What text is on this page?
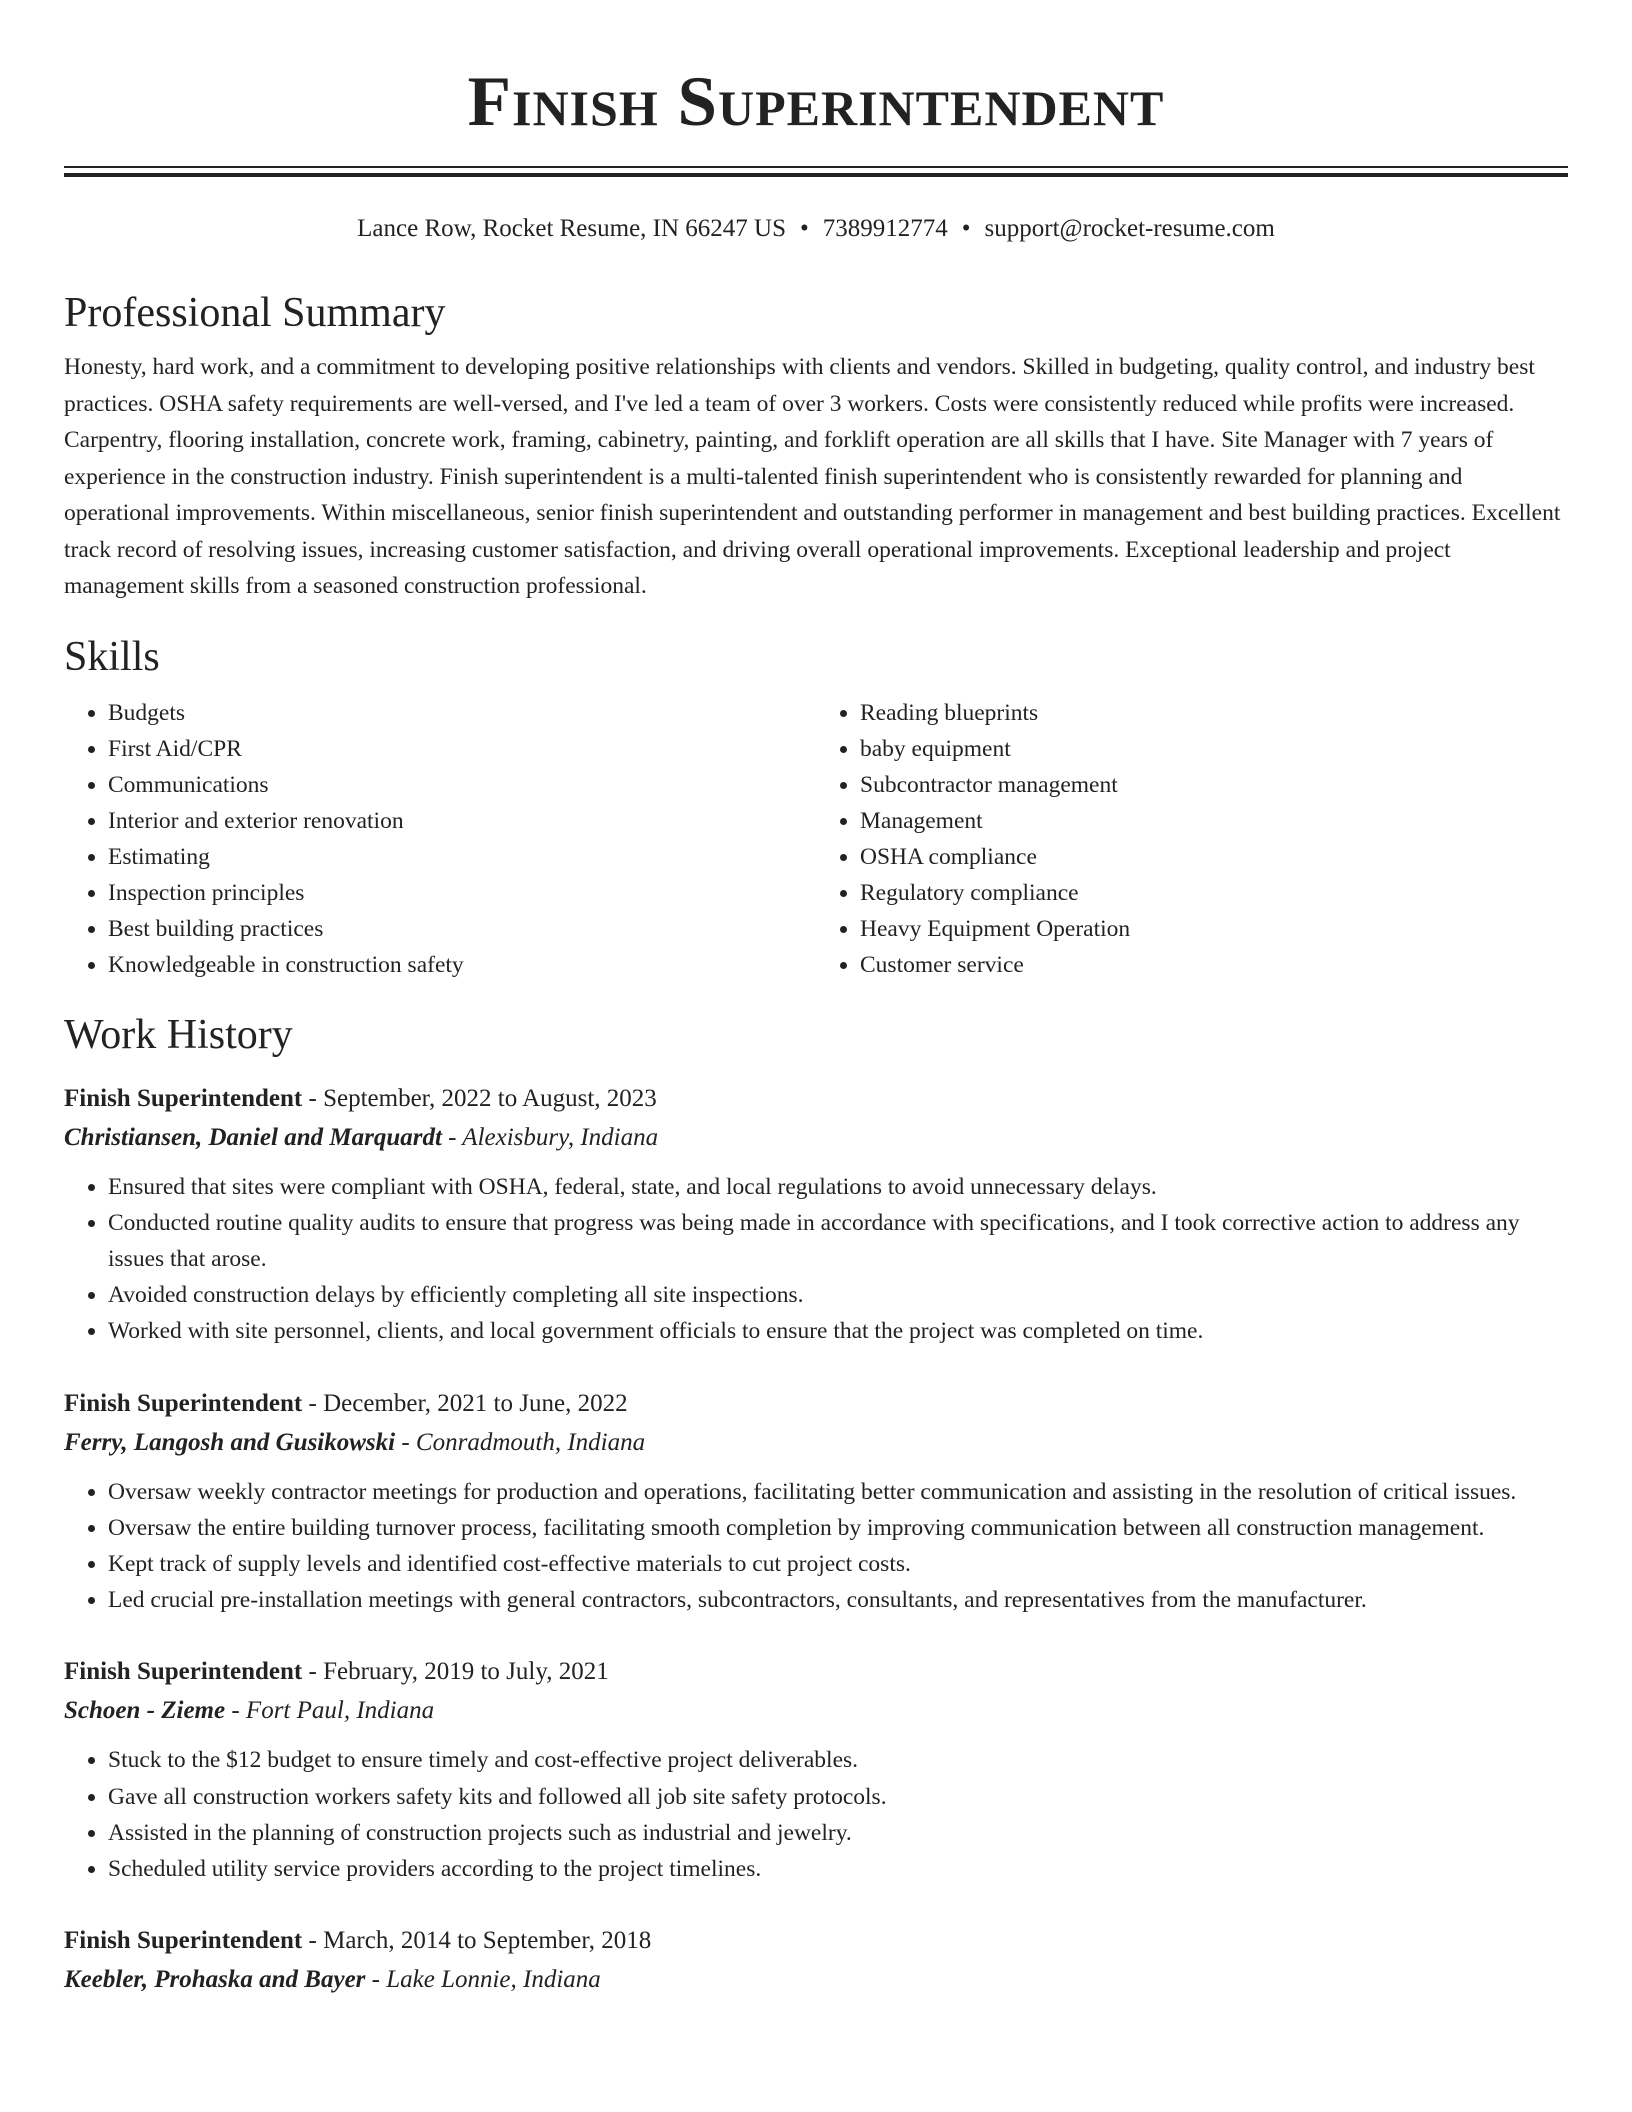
Finish Superintendent
Lance Row, Rocket Resume, IN 66247 US • 7389912774 • support@rocket-resume.com
Professional Summary

Honesty, hard work, and a commitment to developing positive relationships with clients and vendors. Skilled in budgeting, quality control, and industry best practices. OSHA safety requirements are well-versed, and I've led a team of over 3 workers. Costs were consistently reduced while profits were increased. Carpentry, flooring installation, concrete work, framing, cabinetry, painting, and forklift operation are all skills that I have. Site Manager with 7 years of experience in the construction industry. Finish superintendent is a multi-talented finish superintendent who is consistently rewarded for planning and operational improvements. Within miscellaneous, senior finish superintendent and outstanding performer in management and best building practices. Excellent track record of resolving issues, increasing customer satisfaction, and driving overall operational improvements. Exceptional leadership and project management skills from a seasoned construction professional.

Skills
• Budgets
• First Aid/CPR
• Communications
• Interior and exterior renovation
• Estimating
• Inspection principles
• Best building practices
• Knowledgeable in construction safety
• Reading blueprints
• baby equipment
• Subcontractor management
• Management
• OSHA compliance
• Regulatory compliance
• Heavy Equipment Operation
• Customer service
Work History
Finish Superintendent - September, 2022 to August, 2023
Christiansen, Daniel and Marquardt - Alexisbury, Indiana
• Ensured that sites were compliant with OSHA, federal, state, and local regulations to avoid unnecessary delays.
• Conducted routine quality audits to ensure that progress was being made in accordance with specifications, and I took corrective action to address any issues that arose.
• Avoided construction delays by efficiently completing all site inspections.
• Worked with site personnel, clients, and local government officials to ensure that the project was completed on time.
Finish Superintendent - December, 2021 to June, 2022
Ferry, Langosh and Gusikowski - Conradmouth, Indiana
• Oversaw weekly contractor meetings for production and operations, facilitating better communication and assisting in the resolution of critical issues.
• Oversaw the entire building turnover process, facilitating smooth completion by improving communication between all construction management.
• Kept track of supply levels and identified cost-effective materials to cut project costs.
• Led crucial pre-installation meetings with general contractors, subcontractors, consultants, and representatives from the manufacturer.
Finish Superintendent - February, 2019 to July, 2021
Schoen - Zieme - Fort Paul, Indiana
• Stuck to the $12 budget to ensure timely and cost-effective project deliverables.
• Gave all construction workers safety kits and followed all job site safety protocols.
• Assisted in the planning of construction projects such as industrial and jewelry.
• Scheduled utility service providers according to the project timelines.
Finish Superintendent - March, 2014 to September, 2018
Keebler, Prohaska and Bayer - Lake Lonnie, Indiana
